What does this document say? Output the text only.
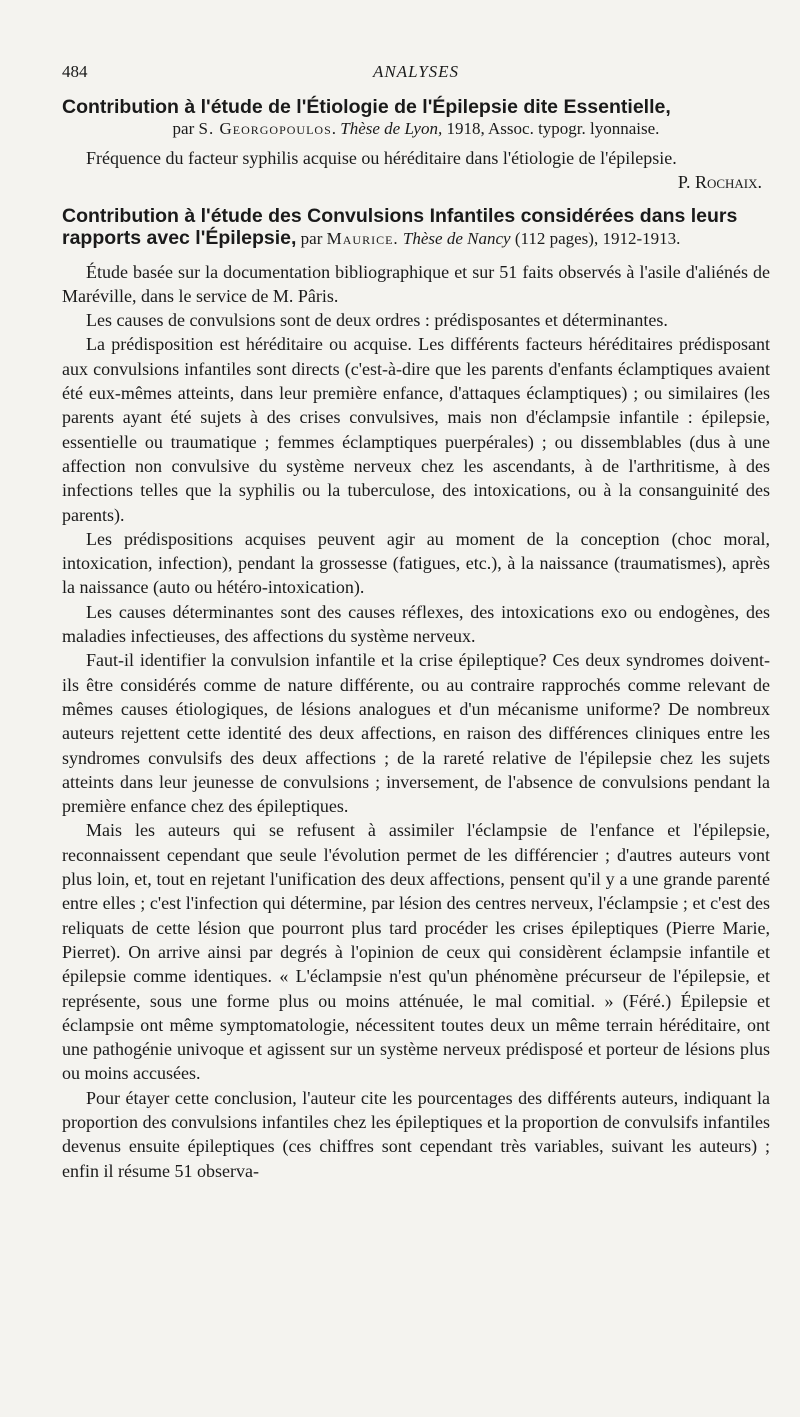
484	ANALYSES
Contribution à l'étude de l'Étiologie de l'Épilepsie dite Essentielle,
par S. Georgopoulos. Thèse de Lyon, 1918, Assoc. typogr. lyonnaise.

Fréquence du facteur syphilis acquise ou héréditaire dans l'étiologie de l'épilepsie.

P. Rochaix.

Contribution à l'étude des Convulsions Infantiles considérées dans leurs rapports avec l'Épilepsie, par Maurice. Thèse de Nancy (112 pages), 1912-1913.

Étude basée sur la documentation bibliographique et sur 51 faits observés à l'asile d'aliénés de Maréville, dans le service de M. Pâris.

Les causes de convulsions sont de deux ordres : prédisposantes et déterminantes.

La prédisposition est héréditaire ou acquise. Les différents facteurs héréditaires prédisposant aux convulsions infantiles sont directs (c'est-à-dire que les parents d'enfants éclamptiques avaient été eux-mêmes atteints, dans leur première enfance, d'attaques éclamptiques) ; ou similaires (les parents ayant été sujets à des crises convulsives, mais non d'éclampsie infantile : épilepsie, essentielle ou traumatique ; femmes éclamptiques puerpérales) ; ou dissemblables (dus à une affection non convulsive du système nerveux chez les ascendants, à de l'arthritisme, à des infections telles que la syphilis ou la tuberculose, des intoxications, ou à la consanguinité des parents).

Les prédispositions acquises peuvent agir au moment de la conception (choc moral, intoxication, infection), pendant la grossesse (fatigues, etc.), à la naissance (traumatismes), après la naissance (auto ou hétéro-intoxication).

Les causes déterminantes sont des causes réflexes, des intoxications exo ou endogènes, des maladies infectieuses, des affections du système nerveux.

Faut-il identifier la convulsion infantile et la crise épileptique? Ces deux syndromes doivent-ils être considérés comme de nature différente, ou au contraire rapprochés comme relevant de mêmes causes étiologiques, de lésions analogues et d'un mécanisme uniforme? De nombreux auteurs rejettent cette identité des deux affections, en raison des différences cliniques entre les syndromes convulsifs des deux affections ; de la rareté relative de l'épilepsie chez les sujets atteints dans leur jeunesse de convulsions ; inversement, de l'absence de convulsions pendant la première enfance chez des épileptiques.

Mais les auteurs qui se refusent à assimiler l'éclampsie de l'enfance et l'épilepsie, reconnaissent cependant que seule l'évolution permet de les différencier ; d'autres auteurs vont plus loin, et, tout en rejetant l'unification des deux affections, pensent qu'il y a une grande parenté entre elles ; c'est l'infection qui détermine, par lésion des centres nerveux, l'éclampsie ; et c'est des reliquats de cette lésion que pourront plus tard procéder les crises épileptiques (Pierre Marie, Pierret). On arrive ainsi par degrés à l'opinion de ceux qui considèrent éclampsie infantile et épilepsie comme identiques. « L'éclampsie n'est qu'un phénomène précurseur de l'épilepsie, et représente, sous une forme plus ou moins atténuée, le mal comitial. » (Féré.) Épilepsie et éclampsie ont même symptomatologie, nécessitent toutes deux un même terrain héréditaire, ont une pathogénie univoque et agissent sur un système nerveux prédisposé et porteur de lésions plus ou moins accusées.

Pour étayer cette conclusion, l'auteur cite les pourcentages des différents auteurs, indiquant la proportion des convulsions infantiles chez les épileptiques et la proportion de convulsifs infantiles devenus ensuite épileptiques (ces chiffres sont cependant très variables, suivant les auteurs) ; enfin il résume 51 observa-
